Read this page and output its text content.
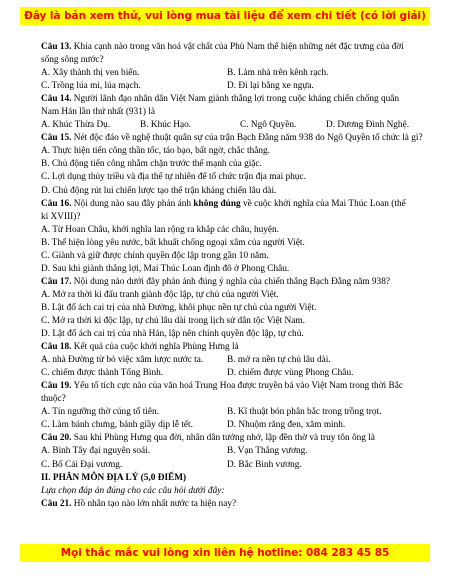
Đây là bản xem thử, vui lòng mua tài liệu để xem chi tiết (có lời giải)
Câu 13. Khía cạnh nào trong văn hoá vật chất của Phù Nam thể hiện những nét đặc trưng của đời sống sông nước?
A. Xây thành thị ven biển.	B. Làm nhà trên kênh rạch.
C. Trồng lúa mì, lúa mạch.	D. Đi lại bằng xe ngựa.
Câu 14. Người lãnh đạo nhân dân Việt Nam giành thắng lợi trong cuộc kháng chiến chống quân Nam Hán lần thứ nhất (931) là
A. Khúc Thừa Dụ.	B. Khúc Hạo.	C. Ngô Quyền.	D. Dương Đình Nghệ.
Câu 15. Nét độc đáo về nghệ thuật quân sự của trận Bạch Đằng năm 938 do Ngô Quyền tổ chức là gì?
A. Thực hiện tiến công thần tốc, táo bạo, bất ngờ, chắc thắng.
B. Chủ động tiến công nhằm chặn trước thế mạnh của giặc.
C. Lợi dụng thủy triều và địa thế tự nhiên để tổ chức trận địa mai phục.
D. Chủ động rút lui chiến lược tạo thế trận kháng chiến lâu dài.
Câu 16. Nội dung nào sau đây phản ánh không đúng về cuộc khởi nghĩa của Mai Thúc Loan (thế kỉ XVIII)?
A. Từ Hoan Châu, khởi nghĩa lan rộng ra khắp các châu, huyện.
B. Thể hiện lòng yêu nước, bất khuất chống ngoại xâm của người Việt.
C. Giành và giữ được chính quyền độc lập trong gần 10 năm.
D. Sau khi giành thắng lợi, Mai Thúc Loan định đô ở Phong Châu.
Câu 17. Nội dung nào dưới đây phản ánh đúng ý nghĩa của chiến thắng Bạch Đằng năm 938?
A. Mở ra thời kì đấu tranh giành độc lập, tự chủ của người Việt.
B. Lật đổ ách cai trị của nhà Đường, khôi phục nền tự chủ của người Việt.
C. Mở ra thời kì độc lập, tự chủ lâu dài trong lịch sử dân tộc Việt Nam.
D. Lật đổ ách cai trị của nhà Hán, lập nên chính quyền độc lập, tự chủ.
Câu 18. Kết quả của cuộc khởi nghĩa Phùng Hưng là
A. nhà Đường từ bỏ việc xâm lược nước ta.	B. mở ra nền tự chủ lâu dài.
C. chiếm được thành Tống Bình.	D. chiếm được vùng Phong Châu.
Câu 19. Yếu tố tích cực nào của văn hoá Trung Hoa được truyền bá vào Việt Nam trong thời Bắc thuộc?
A. Tín ngưỡng thờ cúng tổ tiên.	B. Kĩ thuật bón phân bắc trong trồng trọt.
C. Làm bánh chưng, bánh giầy dịp lễ tết.	D. Nhuộm răng đen, xăm mình.
Câu 20. Sau khi Phùng Hưng qua đời, nhân dân tưởng nhớ, lập đền thờ và truy tôn ông là
A. Bình Tây đại nguyên soái.	B. Vạn Thắng vương.
C. Bố Cái Đại vương.	D. Bắc Bình vương.
II. PHÂN MÔN ĐỊA LÝ (5,0 ĐIỂM)
Lựa chọn đáp án đúng cho các câu hỏi dưới đây:
Câu 21. Hồ nhân tạo nào lớn nhất nước ta hiện nay?
Mọi thắc mắc vui lòng xin liên hệ hotline: 084 283 45 85
